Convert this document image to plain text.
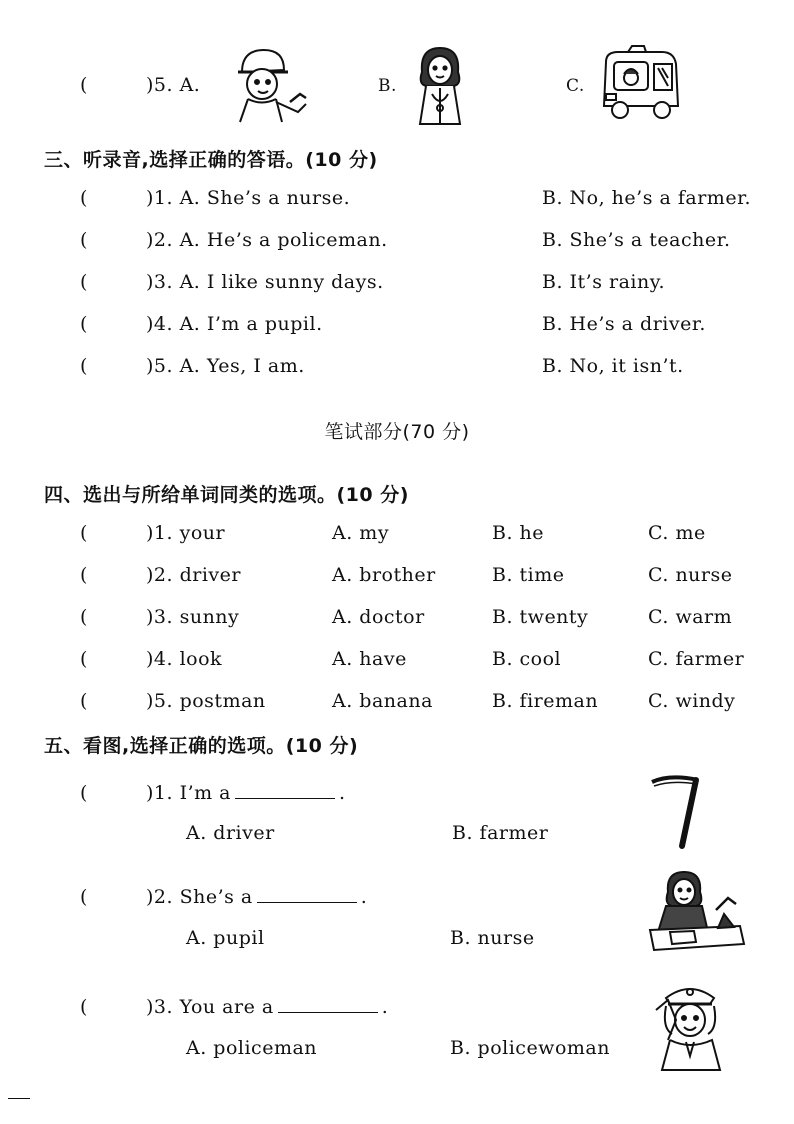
(	)5. A.	B.	C.
三、听录音,选择正确的答语。(10 分)
(	)1. A. She’s a nurse.	B. No, he’s a farmer.
(	)2. A. He’s a policeman.	B. She’s a teacher.
(	)3. A. I like sunny days.	B. It’s rainy.
(	)4. A. I’m a pupil.	B. He’s a driver.
(	)5. A. Yes, I am.	B. No, it isn’t.
笔试部分(70 分)
四、选出与所给单词同类的选项。(10 分)
(	)1. your	A. my	B. he	C. me
(	)2. driver	A. brother	B. time	C. nurse
(	)3. sunny	A. doctor	B. twenty	C. warm
(	)4. look	A. have	B. cool	C. farmer
(	)5. postman	A. banana	B. fireman	C. windy
五、看图,选择正确的选项。(10 分)
(	)1. I’m a	.
A. driver	B. farmer
(	)2. She’s a	.
A. pupil	B. nurse
(	)3. You are a	.
A. policeman	B. policewoman
